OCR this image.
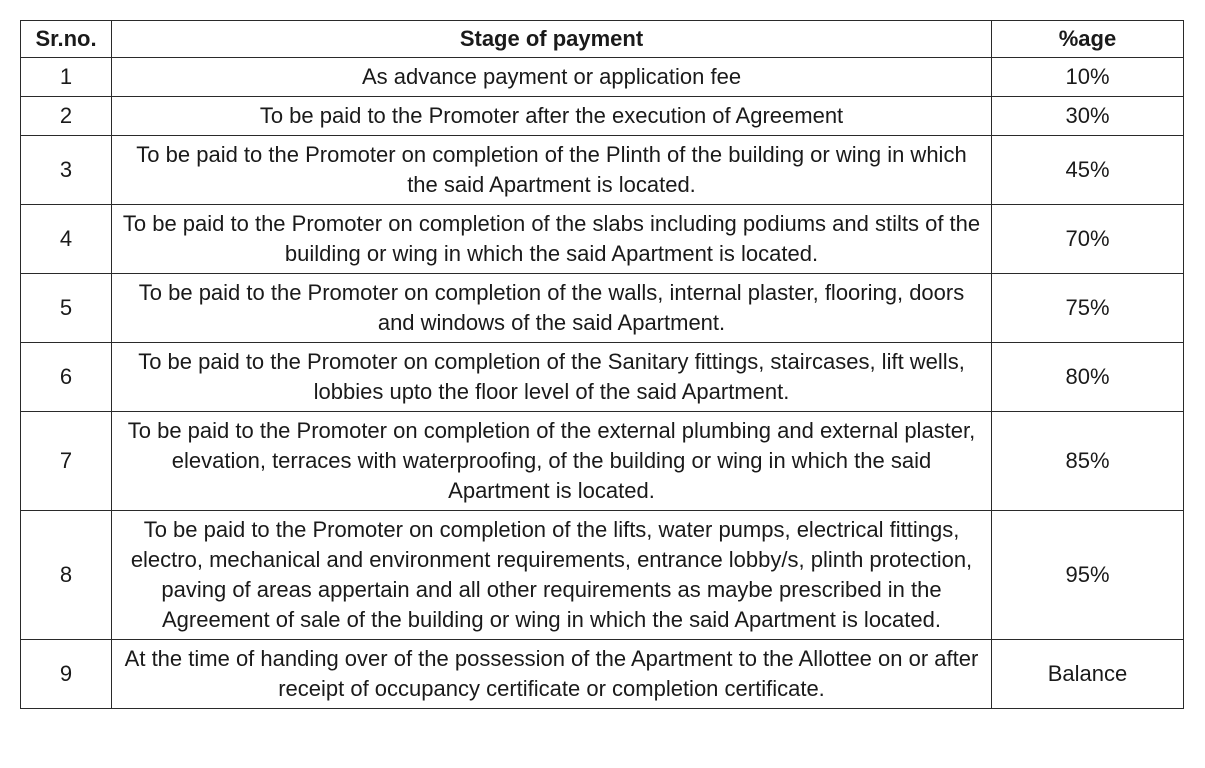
Sr.no.	Stage of payment	%age
1	As advance payment or application fee	10%
2	To be paid to the Promoter after the execution of Agreement	30%
3	To be paid to the Promoter on completion of the Plinth of the building or wing in which the said Apartment is located.	45%
4	To be paid to the Promoter on completion of the slabs including podiums and stilts of the building or wing in which the said Apartment is located.	70%
5	To be paid to the Promoter on completion of the walls, internal plaster, flooring, doors and windows of the said Apartment.	75%
6	To be paid to the Promoter on completion of the Sanitary fittings, staircases, lift wells, lobbies upto the floor level of the said Apartment.	80%
7	To be paid to the Promoter on completion of the external plumbing and external plaster, elevation, terraces with waterproofing, of the building or wing in which the said Apartment is located.	85%
8	To be paid to the Promoter on completion of the lifts, water pumps, electrical fittings, electro, mechanical and environment requirements, entrance lobby/s, plinth protection, paving of areas appertain and all other requirements as maybe prescribed in the Agreement of sale of the building or wing in which the said Apartment is located.	95%
9	At the time of handing over of the possession of the Apartment to the Allottee on or after receipt of occupancy certificate or completion certificate.	Balance
